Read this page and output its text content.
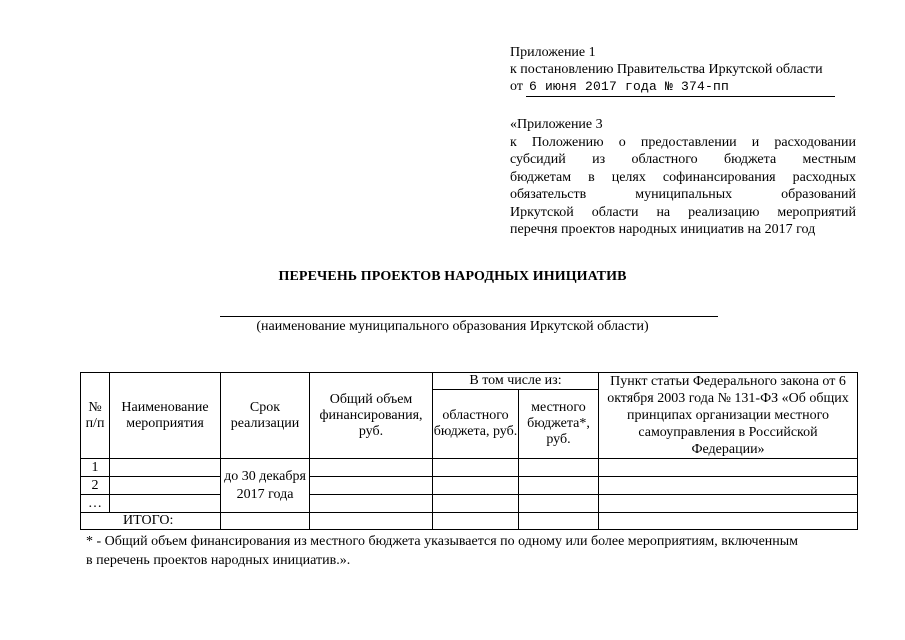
Приложение 1
к постановлению Правительства Иркутской области
от 6 июня 2017 года № 374-пп
«Приложение 3
к Положению о предоставлении и расходовании
субсидий из областного бюджета местным
бюджетам в целях софинансирования расходных
обязательств	муниципальных	образований
Иркутской области на реализацию мероприятий
перечня проектов народных инициатив на 2017 год
ПЕРЕЧЕНЬ ПРОЕКТОВ НАРОДНЫХ ИНИЦИАТИВ
(наименование муниципального образования Иркутской области)
№ п/п	Наименование мероприятия	Срок реализации	Общий объем финансирования, руб.	В том числе из:		Пункт статьи Федерального закона от 6 октября 2003 года № 131-ФЗ «Об общих принципах организации местного самоуправления в Российской Федерации»
				областного бюджета, руб.	местного бюджета*, руб.	
1		до 30 декабря 2017 года				
2						
…						
ИТОГО:						
* - Общий объем финансирования из местного бюджета указывается по одному или более мероприятиям, включенным
в перечень проектов народных инициатив.».
